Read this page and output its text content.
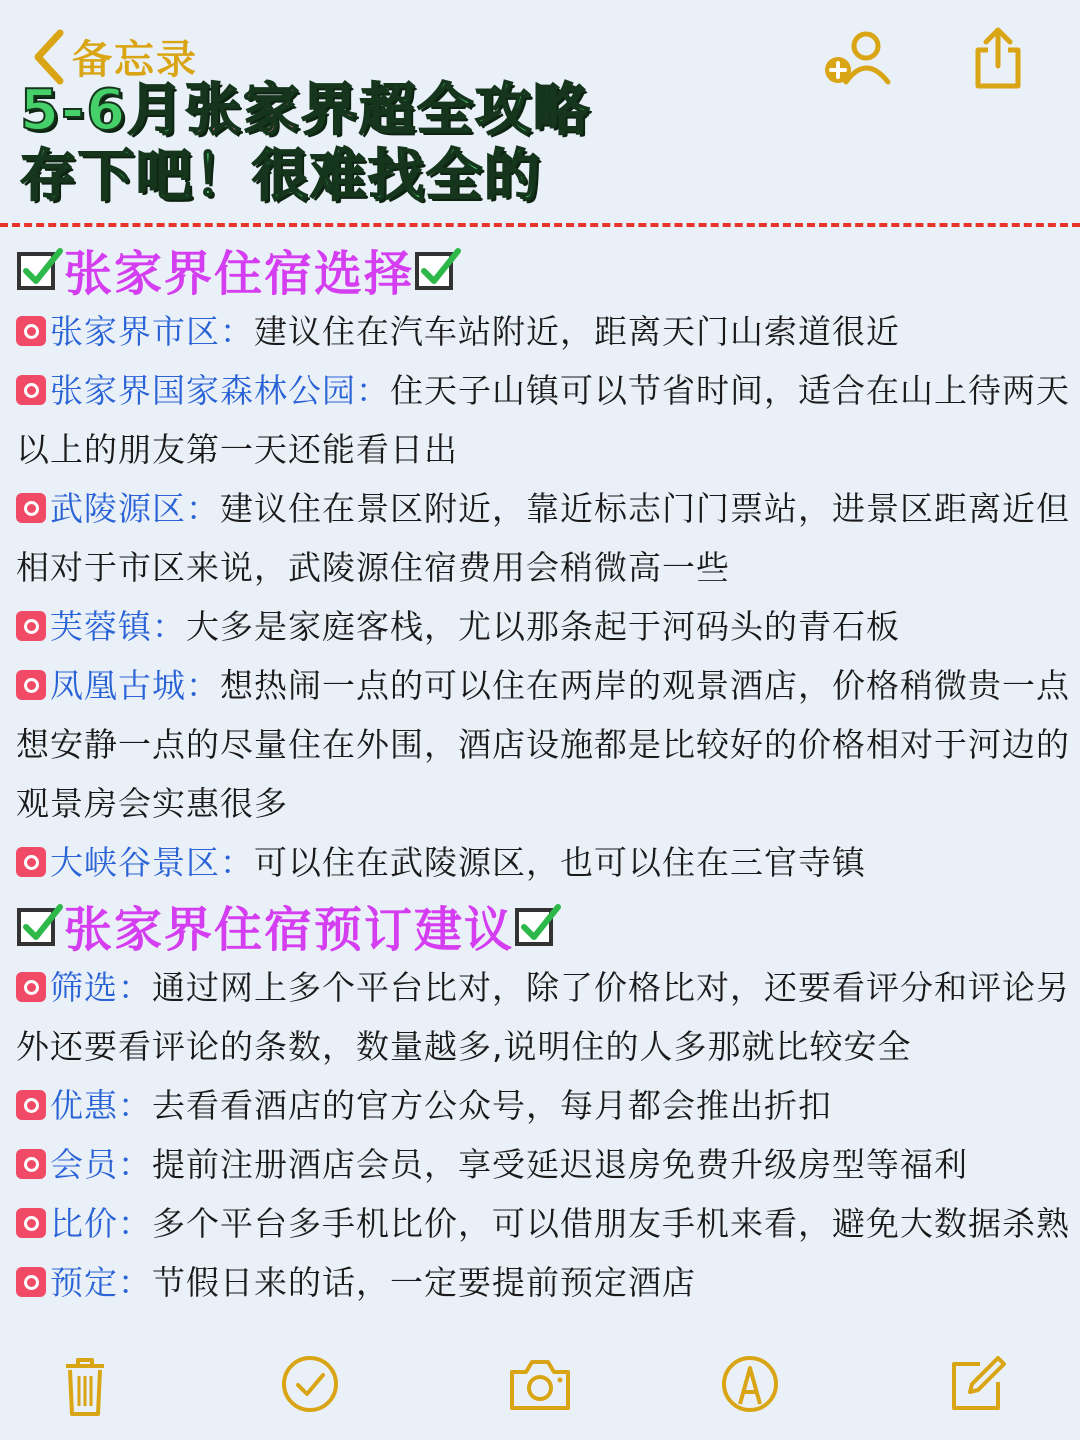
备忘录
5-6月张家界超全攻略
存下吧！很难找全的
张家界住宿选择

张家界市区：建议住在汽车站附近，距离天门山索道很近

张家界国家森林公园：住天子山镇可以节省时间，适合在山上待两天以上的朋友第一天还能看日出

武陵源区：建议住在景区附近，靠近标志门门票站，进景区距离近但相对于市区来说，武陵源住宿费用会稍微高一些

芙蓉镇：大多是家庭客栈，尤以那条起于河码头的青石板

凤凰古城：想热闹一点的可以住在两岸的观景酒店，价格稍微贵一点想安静一点的尽量住在外围，酒店设施都是比较好的价格相对于河边的观景房会实惠很多

大峡谷景区：可以住在武陵源区，也可以住在三官寺镇

张家界住宿预订建议

筛选：通过网上多个平台比对，除了价格比对，还要看评分和评论另外还要看评论的条数，数量越多,说明住的人多那就比较安全

优惠：去看看酒店的官方公众号，每月都会推出折扣

会员：提前注册酒店会员，享受延迟退房免费升级房型等福利

比价：多个平台多手机比价，可以借朋友手机来看，避免大数据杀熟

预定：节假日来的话，一定要提前预定酒店
